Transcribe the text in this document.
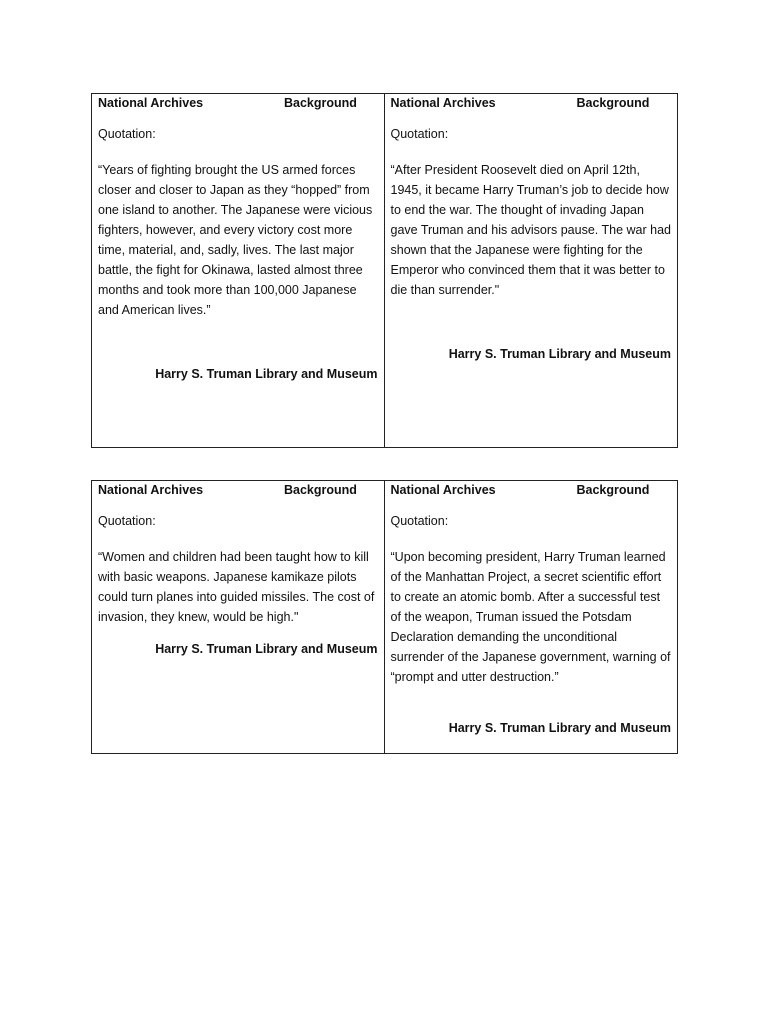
National Archives	Background
Quotation:
“Years of fighting brought the US armed forces closer and closer to Japan as they “hopped” from one island to another. The Japanese were vicious fighters, however, and every victory cost more time, material, and, sadly, lives. The last major battle, the fight for Okinawa, lasted almost three months and took more than 100,000 Japanese and American lives.”
Harry S. Truman Library and Museum
National Archives	Background
Quotation:
“After President Roosevelt died on April 12th, 1945, it became Harry Truman’s job to decide how to end the war. The thought of invading Japan gave Truman and his advisors pause. The war had shown that the Japanese were fighting for the Emperor who convinced them that it was better to die than surrender."
Harry S. Truman Library and Museum
National Archives	Background
Quotation:
“Women and children had been taught how to kill with basic weapons. Japanese kamikaze pilots could turn planes into guided missiles. The cost of invasion, they knew, would be high."
Harry S. Truman Library and Museum
National Archives	Background
Quotation:
“Upon becoming president, Harry Truman learned of the Manhattan Project, a secret scientific effort to create an atomic bomb. After a successful test of the weapon, Truman issued the Potsdam Declaration demanding the unconditional surrender of the Japanese government, warning of “prompt and utter destruction.”
Harry S. Truman Library and Museum
